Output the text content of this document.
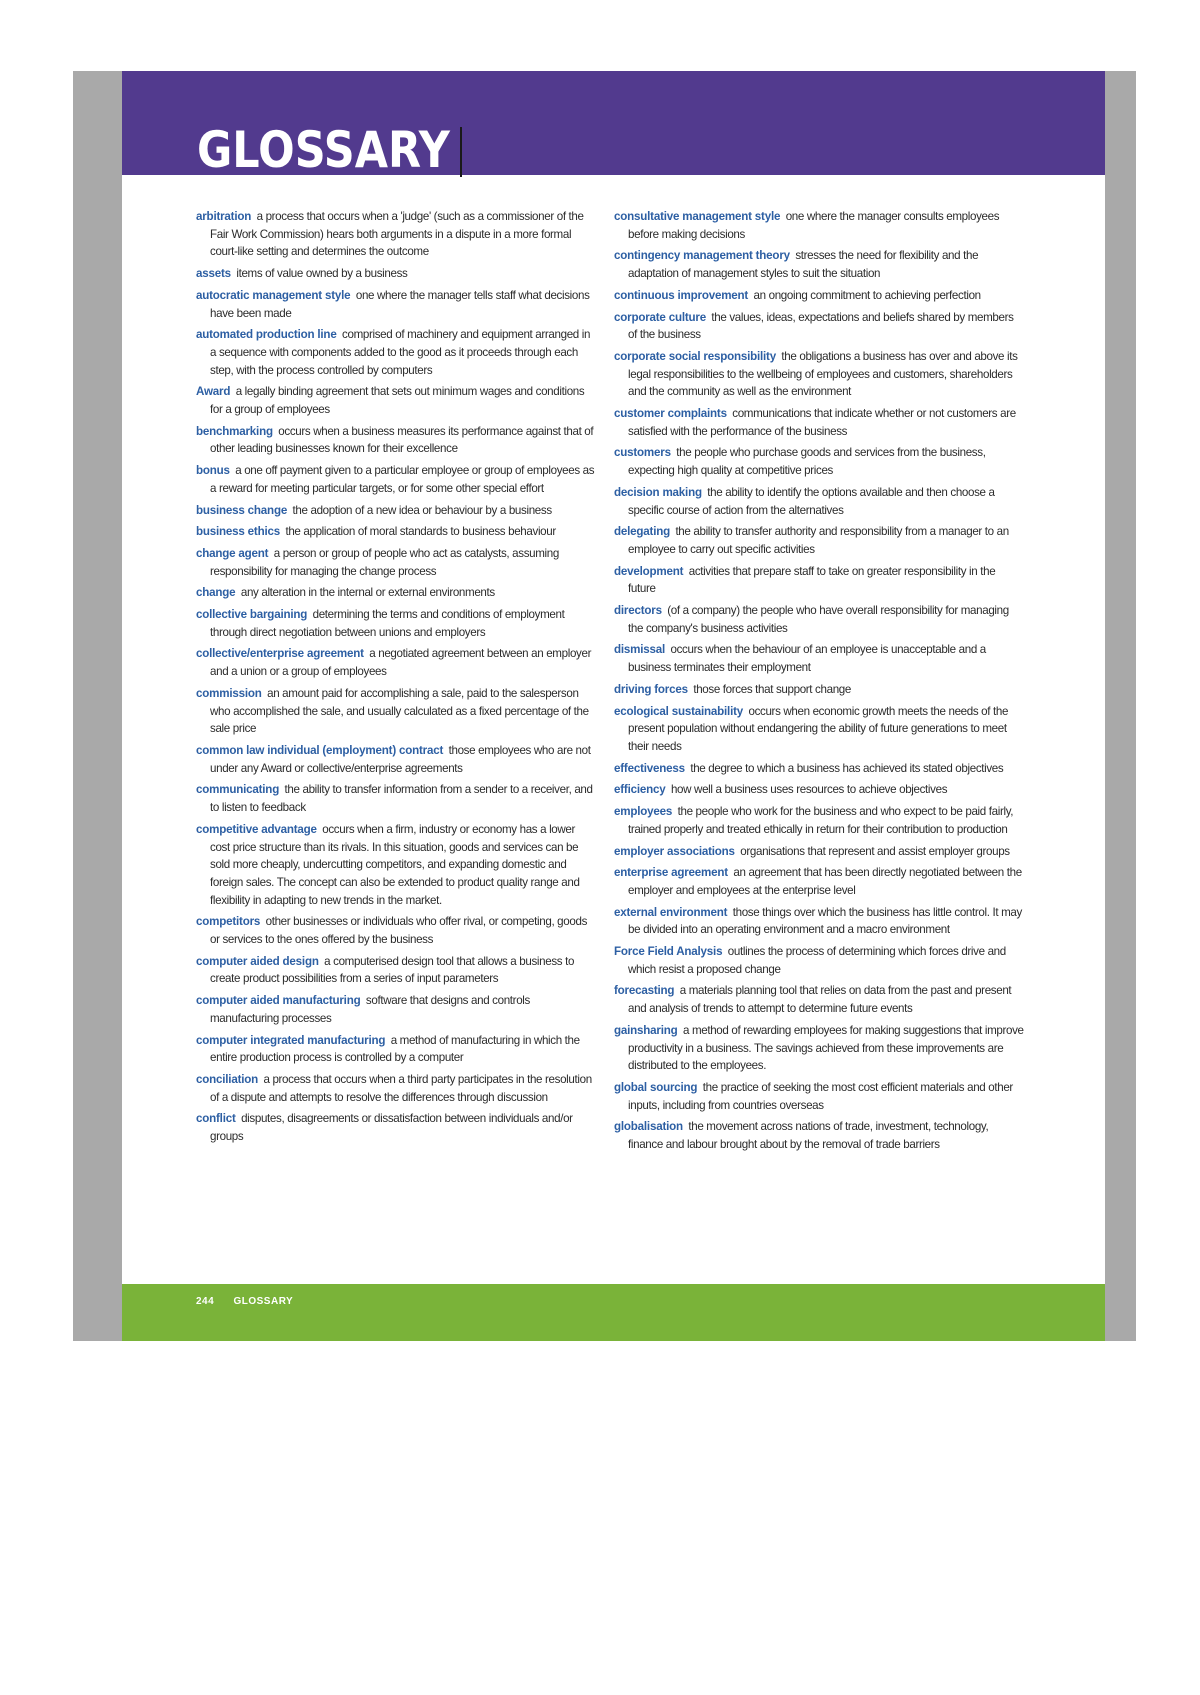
GLOSSARY

arbitration  a process that occurs when a 'judge' (such as a commissioner of the Fair Work Commission) hears both arguments in a dispute in a more formal court-like setting and determines the outcome

assets  items of value owned by a business

autocratic management style  one where the manager tells staff what decisions have been made

automated production line  comprised of machinery and equipment arranged in a sequence with components added to the good as it proceeds through each step, with the process controlled by computers

Award  a legally binding agreement that sets out minimum wages and conditions for a group of employees

benchmarking  occurs when a business measures its performance against that of other leading businesses known for their excellence

bonus  a one off payment given to a particular employee or group of employees as a reward for meeting particular targets, or for some other special effort

business change  the adoption of a new idea or behaviour by a business

business ethics  the application of moral standards to business behaviour

change agent  a person or group of people who act as catalysts, assuming responsibility for managing the change process

change  any alteration in the internal or external environments

collective bargaining  determining the terms and conditions of employment through direct negotiation between unions and employers

collective/enterprise agreement  a negotiated agreement between an employer and a union or a group of employees

commission  an amount paid for accomplishing a sale, paid to the salesperson who accomplished the sale, and usually calculated as a fixed percentage of the sale price

common law individual (employment) contract  those employees who are not under any Award or collective/enterprise agreements

communicating  the ability to transfer information from a sender to a receiver, and to listen to feedback

competitive advantage  occurs when a firm, industry or economy has a lower cost price structure than its rivals. In this situation, goods and services can be sold more cheaply, undercutting competitors, and expanding domestic and foreign sales. The concept can also be extended to product quality range and flexibility in adapting to new trends in the market.

competitors  other businesses or individuals who offer rival, or competing, goods or services to the ones offered by the business

computer aided design  a computerised design tool that allows a business to create product possibilities from a series of input parameters

computer aided manufacturing  software that designs and controls manufacturing processes

computer integrated manufacturing  a method of manufacturing in which the entire production process is controlled by a computer

conciliation  a process that occurs when a third party participates in the resolution of a dispute and attempts to resolve the differences through discussion

conflict  disputes, disagreements or dissatisfaction between individuals and/or groups

consultative management style  one where the manager consults employees before making decisions

contingency management theory  stresses the need for flexibility and the adaptation of management styles to suit the situation

continuous improvement  an ongoing commitment to achieving perfection

corporate culture  the values, ideas, expectations and beliefs shared by members of the business

corporate social responsibility  the obligations a business has over and above its legal responsibilities to the wellbeing of employees and customers, shareholders and the community as well as the environment

customer complaints  communications that indicate whether or not customers are satisfied with the performance of the business

customers  the people who purchase goods and services from the business, expecting high quality at competitive prices

decision making  the ability to identify the options available and then choose a specific course of action from the alternatives

delegating  the ability to transfer authority and responsibility from a manager to an employee to carry out specific activities

development  activities that prepare staff to take on greater responsibility in the future

directors  (of a company) the people who have overall responsibility for managing the company's business activities

dismissal  occurs when the behaviour of an employee is unacceptable and a business terminates their employment

driving forces  those forces that support change

ecological sustainability  occurs when economic growth meets the needs of the present population without endangering the ability of future generations to meet their needs

effectiveness  the degree to which a business has achieved its stated objectives

efficiency  how well a business uses resources to achieve objectives

employees  the people who work for the business and who expect to be paid fairly, trained properly and treated ethically in return for their contribution to production

employer associations  organisations that represent and assist employer groups

enterprise agreement  an agreement that has been directly negotiated between the employer and employees at the enterprise level

external environment  those things over which the business has little control. It may be divided into an operating environment and a macro environment

Force Field Analysis  outlines the process of determining which forces drive and which resist a proposed change

forecasting  a materials planning tool that relies on data from the past and present and analysis of trends to attempt to determine future events

gainsharing  a method of rewarding employees for making suggestions that improve productivity in a business. The savings achieved from these improvements are distributed to the employees.

global sourcing  the practice of seeking the most cost efficient materials and other inputs, including from countries overseas

globalisation  the movement across nations of trade, investment, technology, finance and labour brought about by the removal of trade barriers

244 GLOSSARY
